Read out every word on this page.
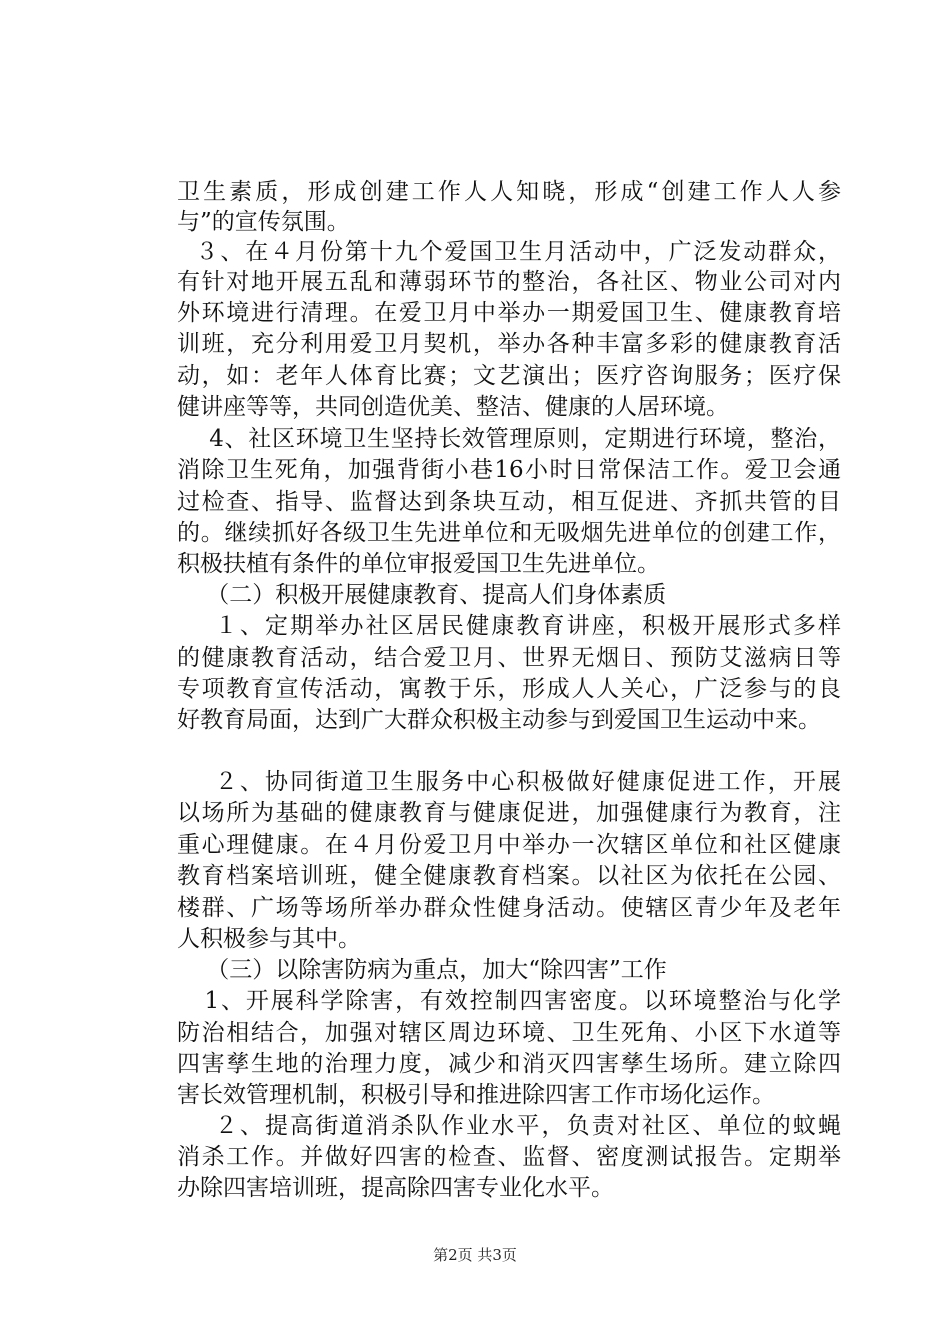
卫生素质，形成创建工作人人知晓，形成“创建工作人人参
与”的宣传氛围。
３、在４月份第十九个爱国卫生月活动中，广泛发动群众，
有针对地开展五乱和薄弱环节的整治，各社区、物业公司对内
外环境进行清理。在爱卫月中举办一期爱国卫生、健康教育培
训班，充分利用爱卫月契机，举办各种丰富多彩的健康教育活
动，如：老年人体育比赛；文艺演出；医疗咨询服务；医疗保
健讲座等等，共同创造优美、整洁、健康的人居环境。
4、社区环境卫生坚持长效管理原则，定期进行环境，整治，
消除卫生死角，加强背街小巷16小时日常保洁工作。爱卫会通
过检查、指导、监督达到条块互动，相互促进、齐抓共管的目
的。继续抓好各级卫生先进单位和无吸烟先进单位的创建工作，
积极扶植有条件的单位审报爱国卫生先进单位。
（二）积极开展健康教育、提高人们身体素质
１、定期举办社区居民健康教育讲座，积极开展形式多样
的健康教育活动，结合爱卫月、世界无烟日、预防艾滋病日等
专项教育宣传活动，寓教于乐，形成人人关心，广泛参与的良
好教育局面，达到广大群众积极主动参与到爱国卫生运动中来。
２、协同街道卫生服务中心积极做好健康促进工作，开展
以场所为基础的健康教育与健康促进，加强健康行为教育，注
重心理健康。在４月份爱卫月中举办一次辖区单位和社区健康
教育档案培训班，健全健康教育档案。以社区为依托在公园、
楼群、广场等场所举办群众性健身活动。使辖区青少年及老年
人积极参与其中。
（三）以除害防病为重点，加大“除四害”工作
1、开展科学除害，有效控制四害密度。以环境整治与化学
防治相结合，加强对辖区周边环境、卫生死角、小区下水道等
四害孳生地的治理力度，减少和消灭四害孳生场所。建立除四
害长效管理机制，积极引导和推进除四害工作市场化运作。
２、提高街道消杀队作业水平，负责对社区、单位的蚊蝇
消杀工作。并做好四害的检查、监督、密度测试报告。定期举
办除四害培训班，提高除四害专业化水平。
第2页 共3页
